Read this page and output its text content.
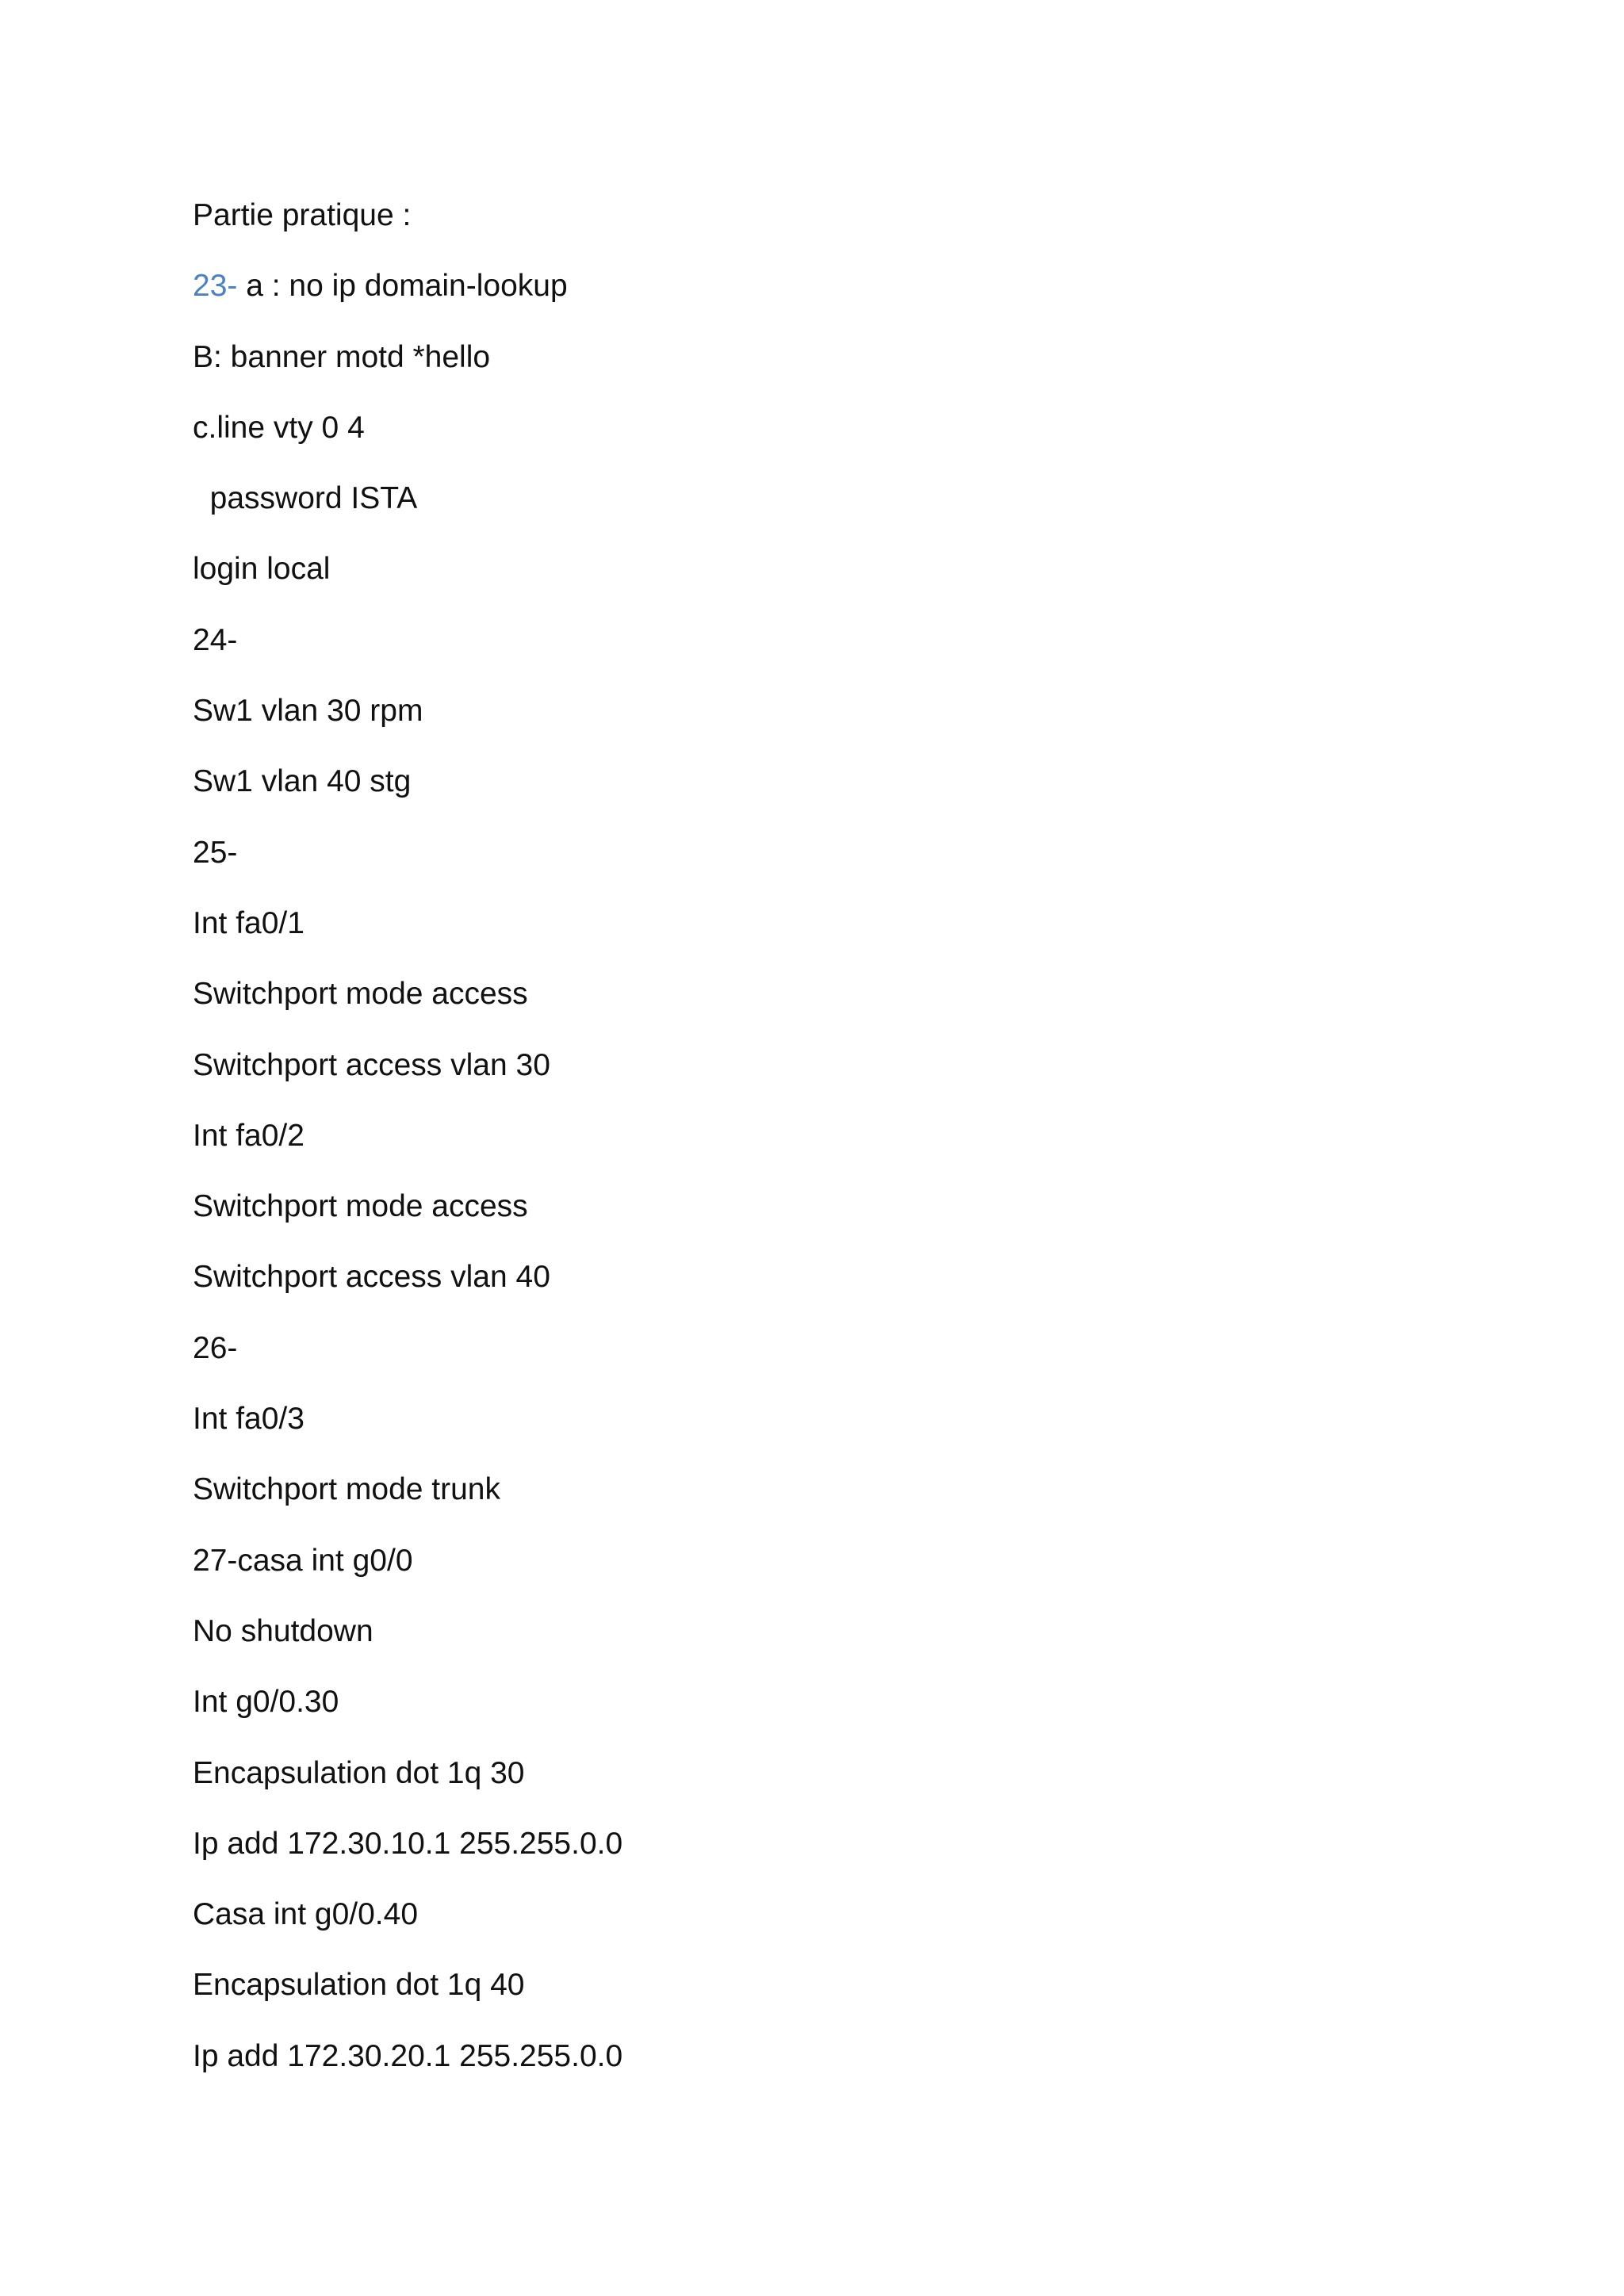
Partie pratique :
23- a : no ip domain-lookup
B: banner motd *hello
c.line vty 0 4
password ISTA
login local
24-
Sw1 vlan 30 rpm
Sw1 vlan 40 stg
25-
Int fa0/1
Switchport mode access
Switchport access vlan 30
Int fa0/2
Switchport mode access
Switchport access vlan 40
26-
Int fa0/3
Switchport mode trunk
27-casa int g0/0
No shutdown
Int g0/0.30
Encapsulation dot 1q 30
Ip add 172.30.10.1 255.255.0.0
Casa int g0/0.40
Encapsulation dot 1q 40
Ip add 172.30.20.1 255.255.0.0
